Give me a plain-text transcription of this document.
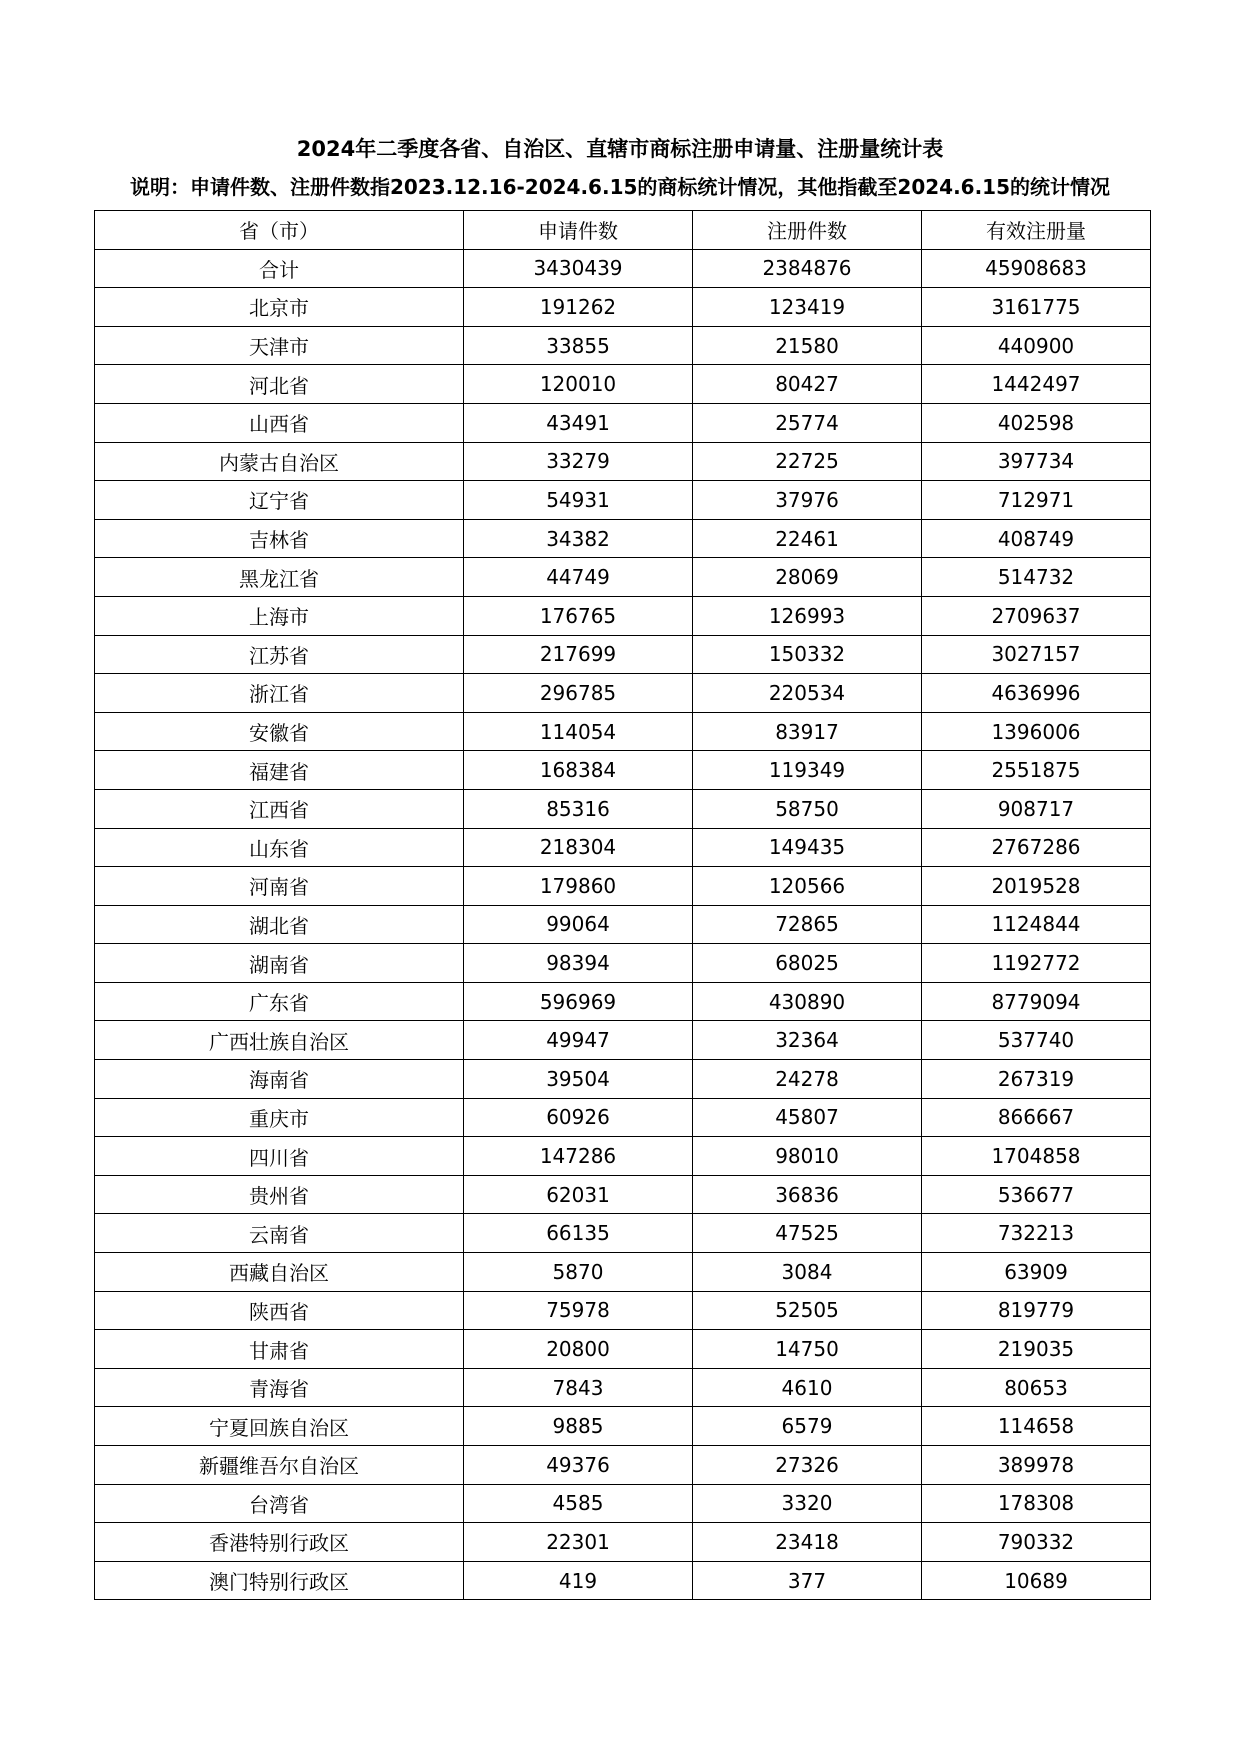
2024年二季度各省、自治区、直辖市商标注册申请量、注册量统计表
说明：申请件数、注册件数指2023.12.16-2024.6.15的商标统计情况，其他指截至2024.6.15的统计情况
省（市）	申请件数	注册件数	有效注册量
合计	3430439	2384876	45908683
北京市	191262	123419	3161775
天津市	33855	21580	440900
河北省	120010	80427	1442497
山西省	43491	25774	402598
内蒙古自治区	33279	22725	397734
辽宁省	54931	37976	712971
吉林省	34382	22461	408749
黑龙江省	44749	28069	514732
上海市	176765	126993	2709637
江苏省	217699	150332	3027157
浙江省	296785	220534	4636996
安徽省	114054	83917	1396006
福建省	168384	119349	2551875
江西省	85316	58750	908717
山东省	218304	149435	2767286
河南省	179860	120566	2019528
湖北省	99064	72865	1124844
湖南省	98394	68025	1192772
广东省	596969	430890	8779094
广西壮族自治区	49947	32364	537740
海南省	39504	24278	267319
重庆市	60926	45807	866667
四川省	147286	98010	1704858
贵州省	62031	36836	536677
云南省	66135	47525	732213
西藏自治区	5870	3084	63909
陕西省	75978	52505	819779
甘肃省	20800	14750	219035
青海省	7843	4610	80653
宁夏回族自治区	9885	6579	114658
新疆维吾尔自治区	49376	27326	389978
台湾省	4585	3320	178308
香港特别行政区	22301	23418	790332
澳门特别行政区	419	377	10689
